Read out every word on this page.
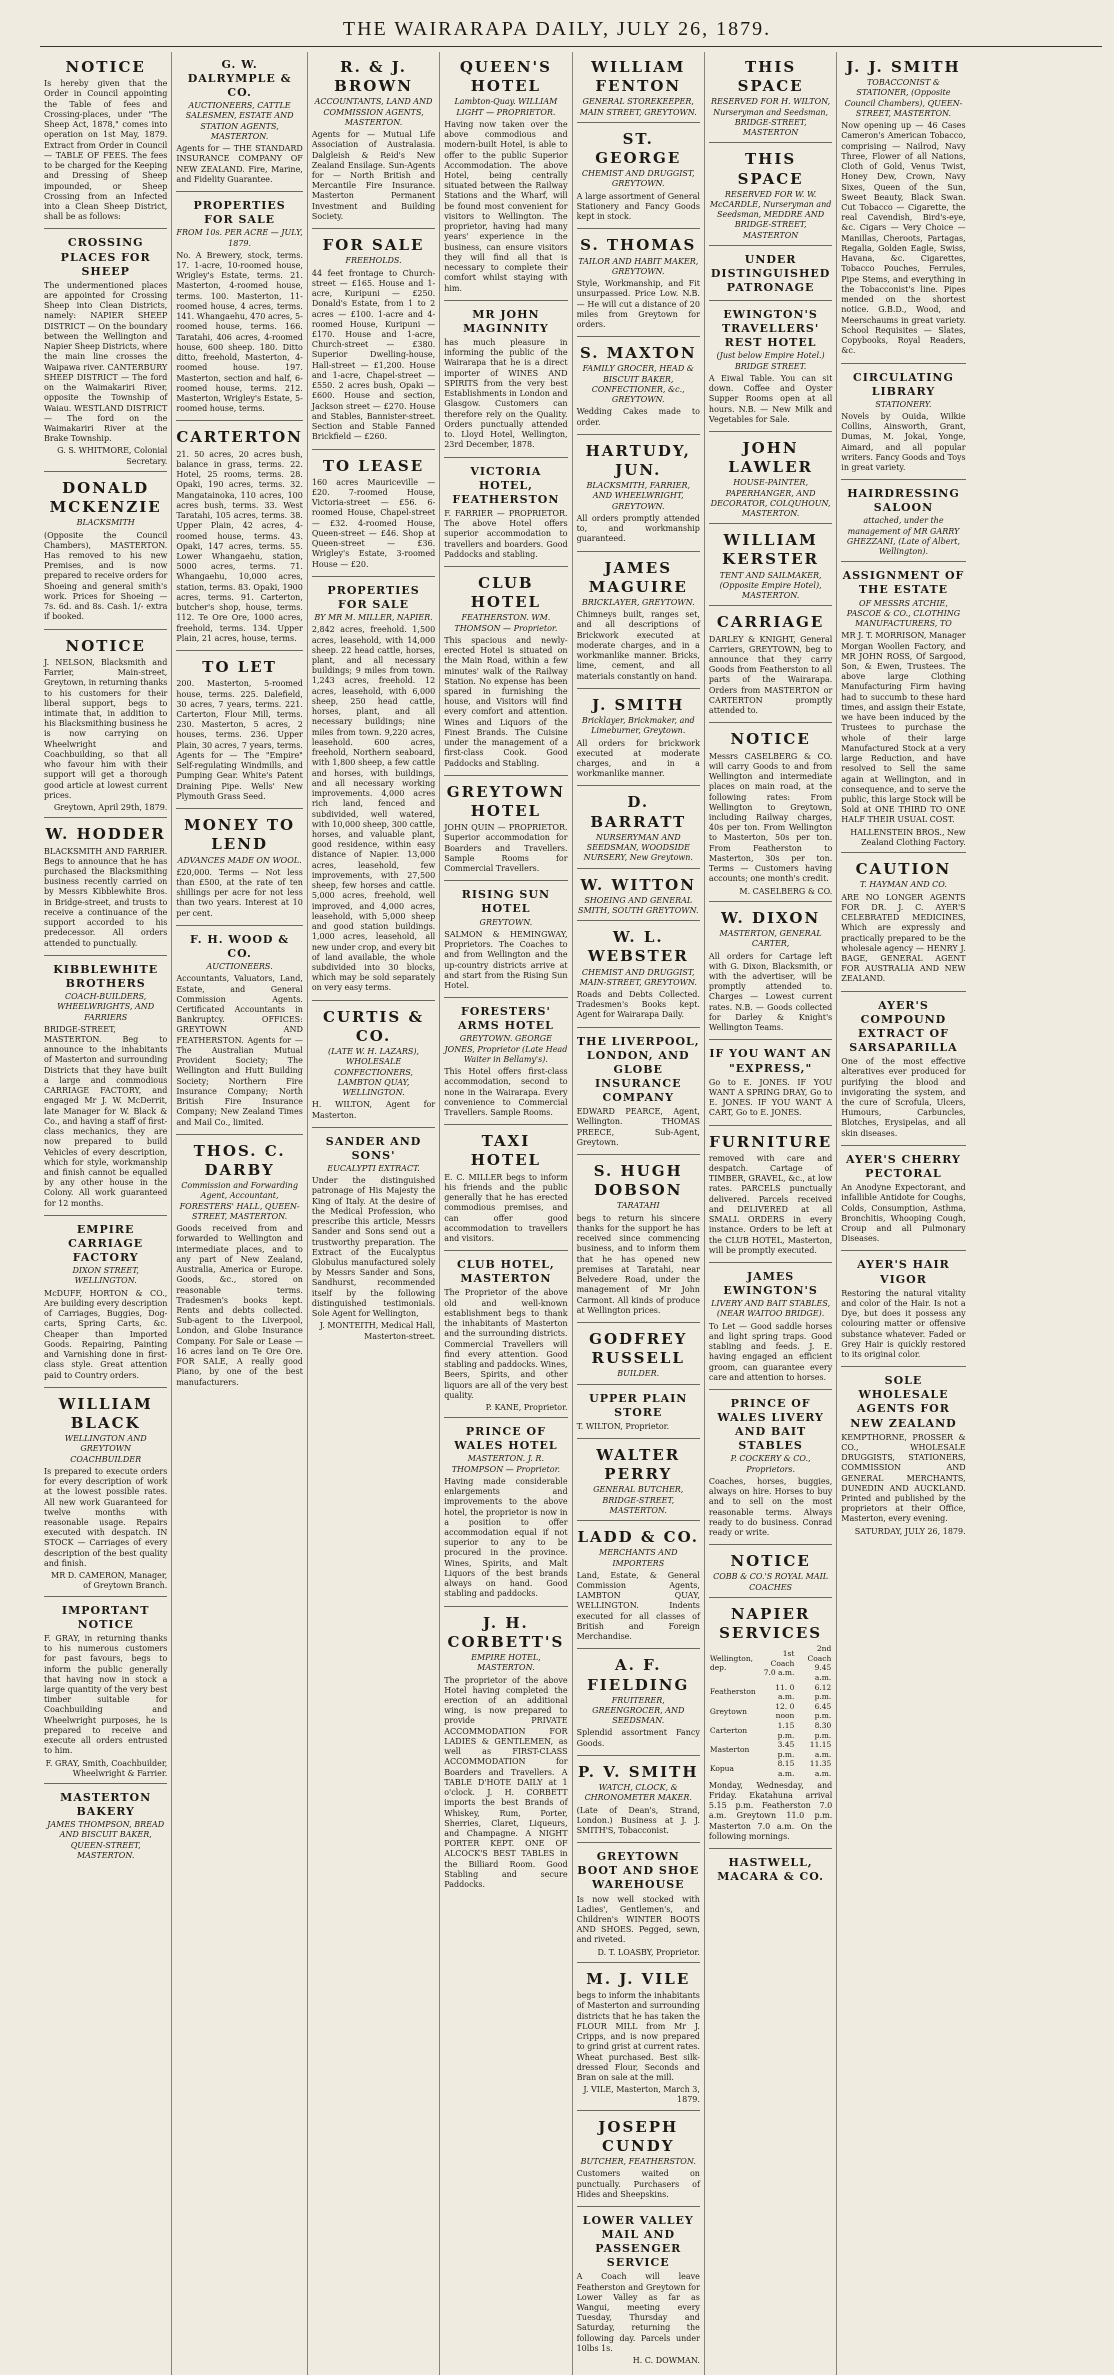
THE WAIRARAPA DAILY, JULY 26, 1879.
NOTICE
Is hereby given that the Order in Council appointing the Table of fees and Crossing-places, under "The Sheep Act, 1878," comes into operation on 1st May, 1879. Extract from Order in Council — TABLE OF FEES. The fees to be charged for the Keeping and Dressing of Sheep impounded, or Sheep Crossing from an Infected into a Clean Sheep District, shall be as follows:
CROSSING PLACES FOR SHEEP
The undermentioned places are appointed for Crossing Sheep into Clean Districts, namely: NAPIER SHEEP DISTRICT — On the boundary between the Wellington and Napier Sheep Districts, where the main line crosses the Waipawa river. CANTERBURY SHEEP DISTRICT — The ford on the Waimakariri River, opposite the Township of Waiau. WESTLAND DISTRICT — The ford on the Waimakariri River at the Brake Township.
G. S. WHITMORE, Colonial Secretary.
DONALD MCKENZIE
BLACKSMITH
(Opposite the Council Chambers), MASTERTON. Has removed to his new Premises, and is now prepared to receive orders for Shoeing and general smith's work. Prices for Shoeing — 7s. 6d. and 8s. Cash. 1/- extra if booked.
NOTICE
J. NELSON, Blacksmith and Farrier, Main-street, Greytown, in returning thanks to his customers for their liberal support, begs to intimate that, in addition to his Blacksmithing business he is now carrying on Wheelwright and Coachbuilding, so that all who favour him with their support will get a thorough good article at lowest current prices.
Greytown, April 29th, 1879.
W. HODDER
BLACKSMITH AND FARRIER. Begs to announce that he has purchased the Blacksmithing business recently carried on by Messrs Kibblewhite Bros. in Bridge-street, and trusts to receive a continuance of the support accorded to his predecessor. All orders attended to punctually.
KIBBLEWHITE BROTHERS
COACH-BUILDERS, WHEELWRIGHTS, AND FARRIERS
BRIDGE-STREET, MASTERTON. Beg to announce to the inhabitants of Masterton and surrounding Districts that they have built a large and commodious CARRIAGE FACTORY, and engaged Mr J. W. McDerrit, late Manager for W. Black & Co., and having a staff of first-class mechanics, they are now prepared to build Vehicles of every description, which for style, workmanship and finish cannot be equalled by any other house in the Colony. All work guaranteed for 12 months.
EMPIRE CARRIAGE FACTORY
DIXON STREET, WELLINGTON.
McDUFF, HORTON & CO., Are building every description of Carriages, Buggies, Dog-carts, Spring Carts, &c. Cheaper than Imported Goods. Repairing, Painting and Varnishing done in first-class style. Great attention paid to Country orders.
WILLIAM BLACK
WELLINGTON AND GREYTOWN COACHBUILDER
Is prepared to execute orders for every description of work at the lowest possible rates. All new work Guaranteed for twelve months with reasonable usage. Repairs executed with despatch. IN STOCK — Carriages of every description of the best quality and finish.
MR D. CAMERON, Manager, of Greytown Branch.
IMPORTANT NOTICE
F. GRAY, in returning thanks to his numerous customers for past favours, begs to inform the public generally that having now in stock a large quantity of the very best timber suitable for Coachbuilding and Wheelwright purposes, he is prepared to receive and execute all orders entrusted to him.
F. GRAY, Smith, Coachbuilder, Wheelwright & Farrier.
MASTERTON BAKERY
JAMES THOMPSON, BREAD AND BISCUIT BAKER, QUEEN-STREET, MASTERTON.
G. W. DALRYMPLE & CO.
AUCTIONEERS, CATTLE SALESMEN, ESTATE AND STATION AGENTS, MASTERTON.
Agents for — THE STANDARD INSURANCE COMPANY OF NEW ZEALAND. Fire, Marine, and Fidelity Guarantee.
PROPERTIES FOR SALE
FROM 10s. PER ACRE — JULY, 1879.
No. A Brewery, stock, terms. 17. 1-acre, 10-roomed house, Wrigley's Estate, terms. 21. Masterton, 4-roomed house, terms. 100. Masterton, 11-roomed house, 4 acres, terms. 141. Whangaehu, 470 acres, 5-roomed house, terms. 166. Taratahi, 406 acres, 4-roomed house, 600 sheep. 180. Ditto ditto, freehold, Masterton, 4-roomed house. 197. Masterton, section and half, 6-roomed house, terms. 212. Masterton, Wrigley's Estate, 5-roomed house, terms.
CARTERTON
21. 50 acres, 20 acres bush, balance in grass, terms. 22. Hotel, 25 rooms, terms. 28. Opaki, 190 acres, terms. 32. Mangatainoka, 110 acres, 100 acres bush, terms. 33. West Taratahi, 105 acres, terms. 38. Upper Plain, 42 acres, 4-roomed house, terms. 43. Opaki, 147 acres, terms. 55. Lower Whangaehu, station, 5000 acres, terms. 71. Whangaehu, 10,000 acres, station, terms. 83. Opaki, 1900 acres, terms. 91. Carterton, butcher's shop, house, terms. 112. Te Ore Ore, 1000 acres, freehold, terms. 134. Upper Plain, 21 acres, house, terms.
TO LET
200. Masterton, 5-roomed house, terms. 225. Dalefield, 30 acres, 7 years, terms. 221. Carterton, Flour Mill, terms. 230. Masterton, 5 acres, 2 houses, terms. 236. Upper Plain, 30 acres, 7 years, terms. Agents for — The "Empire" Self-regulating Windmills, and Pumping Gear. White's Patent Draining Pipe. Wells' New Plymouth Grass Seed.
MONEY TO LEND
ADVANCES MADE ON WOOL.
£20,000. Terms — Not less than £500, at the rate of ten shillings per acre for not less than two years. Interest at 10 per cent.
F. H. WOOD & CO.
AUCTIONEERS.
Accountants, Valuators, Land, Estate, and General Commission Agents. Certificated Accountants in Bankruptcy. OFFICES: GREYTOWN AND FEATHERSTON. Agents for — The Australian Mutual Provident Society; The Wellington and Hutt Building Society; Northern Fire Insurance Company; North British Fire Insurance Company; New Zealand Times and Mail Co., limited.
THOS. C. DARBY
Commission and Forwarding Agent, Accountant, FORESTERS' HALL, QUEEN-STREET, MASTERTON.
Goods received from and forwarded to Wellington and intermediate places, and to any part of New Zealand, Australia, America or Europe. Goods, &c., stored on reasonable terms. Tradesmen's books kept. Rents and debts collected. Sub-agent to the Liverpool, London, and Globe Insurance Company. For Sale or Lease — 16 acres land on Te Ore Ore. FOR SALE, A really good Piano, by one of the best manufacturers.
R. & J. BROWN
ACCOUNTANTS, LAND AND COMMISSION AGENTS, MASTERTON.
Agents for — Mutual Life Association of Australasia. Dalgleish & Reid's New Zealand Ensilage. Sun-Agents for — North British and Mercantile Fire Insurance. Masterton Permanent Investment and Building Society.
FOR SALE
FREEHOLDS.
44 feet frontage to Church-street — £165. House and 1-acre, Kuripuni — £250. Donald's Estate, from 1 to 2 acres — £100. 1-acre and 4-roomed House, Kuripuni — £170. House and 1-acre, Church-street — £380. Superior Dwelling-house, Hall-street — £1,200. House and 1-acre, Chapel-street — £550. 2 acres bush, Opaki — £600. House and section, Jackson street — £270. House and Stables, Bannister-street. Section and Stable Fanned Brickfield — £260.
TO LEASE
160 acres Mauriceville — £20. 7-roomed House, Victoria-street — £56. 6-roomed House, Chapel-street — £32. 4-roomed House, Queen-street — £46. Shop at Queen-street — £36. Wrigley's Estate, 3-roomed House — £20.
PROPERTIES FOR SALE
BY MR M. MILLER, NAPIER.
2,842 acres, freehold. 1,500 acres, leasehold, with 14,000 sheep. 22 head cattle, horses, plant, and all necessary buildings; 9 miles from town. 1,243 acres, freehold. 12 acres, leasehold, with 6,000 sheep, 250 head cattle, horses, plant, and all necessary buildings; nine miles from town. 9,220 acres, leasehold. 600 acres, freehold, Northern seaboard, with 1,800 sheep, a few cattle and horses, with buildings, and all necessary working improvements. 4,000 acres rich land, fenced and subdivided, well watered, with 10,000 sheep, 300 cattle, horses, and valuable plant, good residence, within easy distance of Napier. 13,000 acres, leasehold, few improvements, with 27,500 sheep, few horses and cattle. 5,000 acres, freehold, well improved, and 4,000 acres, leasehold, with 5,000 sheep and good station buildings. 1,000 acres, leasehold, all new under crop, and every bit of land available, the whole subdivided into 30 blocks, which may be sold separately on very easy terms.
CURTIS & CO.
(LATE W. H. LAZARS), WHOLESALE CONFECTIONERS, LAMBTON QUAY, WELLINGTON.
H. WILTON, Agent for Masterton.
SANDER AND SONS'
EUCALYPTI EXTRACT.
Under the distinguished patronage of His Majesty the King of Italy. At the desire of the Medical Profession, who prescribe this article, Messrs Sander and Sons send out a trustworthy preparation. The Extract of the Eucalyptus Globulus manufactured solely by Messrs Sander and Sons, Sandhurst, recommended itself by the following distinguished testimonials. Sole Agent for Wellington,
J. MONTEITH, Medical Hall, Masterton-street.
QUEEN'S HOTEL
Lambton-Quay. WILLIAM LIGHT — PROPRIETOR.
Having now taken over the above commodious and modern-built Hotel, is able to offer to the public Superior Accommodation. The above Hotel, being centrally situated between the Railway Stations and the Wharf, will be found most convenient for visitors to Wellington. The proprietor, having had many years' experience in the business, can ensure visitors they will find all that is necessary to complete their comfort whilst staying with him.
MR JOHN MAGINNITY
has much pleasure in informing the public of the Wairarapa that he is a direct importer of WINES AND SPIRITS from the very best Establishments in London and Glasgow. Customers can therefore rely on the Quality. Orders punctually attended to. Lloyd Hotel, Wellington, 23rd December, 1878.
VICTORIA HOTEL, FEATHERSTON
F. FARRIER — PROPRIETOR. The above Hotel offers superior accommodation to travellers and boarders. Good Paddocks and stabling.
CLUB HOTEL
FEATHERSTON. WM. THOMSON — Proprietor.
This spacious and newly-erected Hotel is situated on the Main Road, within a few minutes' walk of the Railway Station. No expense has been spared in furnishing the house, and Visitors will find every comfort and attention. Wines and Liquors of the Finest Brands. The Cuisine under the management of a first-class Cook. Good Paddocks and Stabling.
GREYTOWN HOTEL
JOHN QUIN — PROPRIETOR. Superior accommodation for Boarders and Travellers. Sample Rooms for Commercial Travellers.
RISING SUN HOTEL
GREYTOWN.
SALMON & HEMINGWAY, Proprietors. The Coaches to and from Wellington and the up-country districts arrive at and start from the Rising Sun Hotel.
FORESTERS' ARMS HOTEL
GREYTOWN. GEORGE JONES, Proprietor (Late Head Waiter in Bellamy's).
This Hotel offers first-class accommodation, second to none in the Wairarapa. Every convenience to Commercial Travellers. Sample Rooms.
TAXI HOTEL
E. C. MILLER begs to inform his friends and the public generally that he has erected commodious premises, and can offer good accommodation to travellers and visitors.
CLUB HOTEL, MASTERTON
The Proprietor of the above old and well-known establishment begs to thank the inhabitants of Masterton and the surrounding districts. Commercial Travellers will find every attention. Good stabling and paddocks. Wines, Beers, Spirits, and other liquors are all of the very best quality.
P. KANE, Proprietor.
PRINCE OF WALES HOTEL
MASTERTON. J. R. THOMPSON — Proprietor.
Having made considerable enlargements and improvements to the above hotel, the proprietor is now in a position to offer accommodation equal if not superior to any to be procured in the province. Wines, Spirits, and Malt Liquors of the best brands always on hand. Good stabling and paddocks.
J. H. CORBETT'S
EMPIRE HOTEL, MASTERTON.
The proprietor of the above Hotel having completed the erection of an additional wing, is now prepared to provide PRIVATE ACCOMMODATION FOR LADIES & GENTLEMEN, as well as FIRST-CLASS ACCOMMODATION for Boarders and Travellers. A TABLE D'HOTE DAILY at 1 o'clock. J. H. CORBETT imports the best Brands of Whiskey, Rum, Porter, Sherries, Claret, Liqueurs, and Champagne. A NIGHT PORTER KEPT. ONE OF ALCOCK'S BEST TABLES in the Billiard Room. Good Stabling and secure Paddocks.
WILLIAM FENTON
GENERAL STOREKEEPER, MAIN STREET, GREYTOWN.
ST. GEORGE
CHEMIST AND DRUGGIST, GREYTOWN.
A large assortment of General Stationery and Fancy Goods kept in stock.
S. THOMAS
TAILOR AND HABIT MAKER, GREYTOWN.
Style, Workmanship, and Fit unsurpassed. Price Low. N.B. — He will cut a distance of 20 miles from Greytown for orders.
S. MAXTON
FAMILY GROCER, HEAD & BISCUIT BAKER, CONFECTIONER, &c., GREYTOWN.
Wedding Cakes made to order.
HARTUDY, JUN.
BLACKSMITH, FARRIER, AND WHEELWRIGHT, GREYTOWN.
All orders promptly attended to, and workmanship guaranteed.
JAMES MAGUIRE
BRICKLAYER, GREYTOWN.
Chimneys built, ranges set, and all descriptions of Brickwork executed at moderate charges, and in a workmanlike manner. Bricks, lime, cement, and all materials constantly on hand.
J. SMITH
Bricklayer, Brickmaker, and Limeburner, Greytown.
All orders for brickwork executed at moderate charges, and in a workmanlike manner.
D. BARRATT
NURSERYMAN AND SEEDSMAN, WOODSIDE NURSERY, New Greytown.
W. WITTON
SHOEING AND GENERAL SMITH, SOUTH GREYTOWN.
W. L. WEBSTER
CHEMIST AND DRUGGIST, MAIN-STREET, GREYTOWN.
Roads and Debts Collected. Tradesmen's Books kept. Agent for Wairarapa Daily.
THE LIVERPOOL, LONDON, AND GLOBE INSURANCE COMPANY
EDWARD PEARCE, Agent, Wellington. THOMAS PREECE, Sub-Agent, Greytown.
S. HUGH DOBSON
TARATAHI
begs to return his sincere thanks for the support he has received since commencing business, and to inform them that he has opened new premises at Taratahi, near Belvedere Road, under the management of Mr John Carmont. All kinds of produce at Wellington prices.
GODFREY RUSSELL
BUILDER.
UPPER PLAIN STORE
T. WILTON, Proprietor.
WALTER PERRY
GENERAL BUTCHER, BRIDGE-STREET, MASTERTON.
LADD & CO.
MERCHANTS AND IMPORTERS
Land, Estate, & General Commission Agents, LAMBTON QUAY, WELLINGTON. Indents executed for all classes of British and Foreign Merchandise.
A. F. FIELDING
FRUITERER, GREENGROCER, AND SEEDSMAN.
Splendid assortment Fancy Goods.
P. V. SMITH
WATCH, CLOCK, & CHRONOMETER MAKER.
(Late of Dean's, Strand, London.) Business at J. J. SMITH'S, Tobacconist.
GREYTOWN BOOT AND SHOE WAREHOUSE
Is now well stocked with Ladies', Gentlemen's, and Children's WINTER BOOTS AND SHOES. Pegged, sewn, and riveted.
D. T. LOASBY, Proprietor.
M. J. VILE
begs to inform the inhabitants of Masterton and surrounding districts that he has taken the FLOUR MILL from Mr J. Cripps, and is now prepared to grind grist at current rates. Wheat purchased. Best silk-dressed Flour, Seconds and Bran on sale at the mill.
J. VILE, Masterton, March 3, 1879.
JOSEPH CUNDY
BUTCHER, FEATHERSTON.
Customers waited on punctually. Purchasers of Hides and Sheepskins.
LOWER VALLEY MAIL AND PASSENGER SERVICE
A Coach will leave Featherston and Greytown for Lower Valley as far as Wangui, meeting every Tuesday, Thursday and Saturday, returning the following day. Parcels under 10lbs 1s.
H. C. DOWMAN.
THIS SPACE
RESERVED FOR H. WILTON, Nurseryman and Seedsman, BRIDGE-STREET, MASTERTON
THIS SPACE
RESERVED FOR W. W. McCARDLE, Nurseryman and Seedsman, MEDDRE AND BRIDGE-STREET, MASTERTON
UNDER DISTINGUISHED PATRONAGE
EWINGTON'S TRAVELLERS' REST HOTEL
(Just below Empire Hotel.) BRIDGE STREET.
A Eiwal Table. You can sit down. Coffee and Oyster Supper Rooms open at all hours. N.B. — New Milk and Vegetables for Sale.
JOHN LAWLER
HOUSE-PAINTER, PAPERHANGER, AND DECORATOR, COLQUHOUN, MASTERTON.
WILLIAM KERSTER
TENT AND SAILMAKER, (Opposite Empire Hotel), MASTERTON.
CARRIAGE
DARLEY & KNIGHT, General Carriers, GREYTOWN, beg to announce that they carry Goods from Featherston to all parts of the Wairarapa. Orders from MASTERTON or CARTERTON promptly attended to.
NOTICE
Messrs CASELBERG & CO. will carry Goods to and from Wellington and intermediate places on main road, at the following rates: From Wellington to Greytown, including Railway charges, 40s per ton. From Wellington to Masterton, 50s per ton. From Featherston to Masterton, 30s per ton. Terms — Customers having accounts; one month's credit.
M. CASELBERG & CO.
W. DIXON
MASTERTON, GENERAL CARTER,
All orders for Cartage left with G. Dixon, Blacksmith, or with the advertiser, will be promptly attended to. Charges — Lowest current rates. N.B. — Goods collected for Darley & Knight's Wellington Teams.
IF YOU WANT AN "EXPRESS,"
Go to E. JONES. IF YOU WANT A SPRING DRAY, Go to E. JONES. IF YOU WANT A CART, Go to E. JONES.
FURNITURE
removed with care and despatch. Cartage of TIMBER, GRAVEL, &c., at low rates. PARCELS punctually delivered. Parcels received and DELIVERED at all SMALL ORDERS in every instance. Orders to be left at the CLUB HOTEL, Masterton, will be promptly executed.
JAMES EWINGTON'S
LIVERY AND BAIT STABLES, (NEAR WAITOO BRIDGE).
To Let — Good saddle horses and light spring traps. Good stabling and feeds. J. E. having engaged an efficient groom, can guarantee every care and attention to horses.
PRINCE OF WALES LIVERY AND BAIT STABLES
P. COCKERY & CO., Proprietors.
Coaches, horses, buggies, always on hire. Horses to buy and to sell on the most reasonable terms. Always ready to do business. Conrad ready or write.
NOTICE
COBB & CO.'S ROYAL MAIL COACHES
NAPIER SERVICES
Wellington, dep.	1st Coach 7.0 a.m.	2nd Coach 9.45 a.m.
Featherston	11. 0 a.m.	6.12 p.m.
Greytown	12. 0 noon	6.45 p.m.
Carterton	1.15 p.m.	8.30 p.m.
Masterton	3.45 p.m.	11.15 a.m.
Kopua	8.15 a.m.	11.35 a.m.
Monday, Wednesday, and Friday. Ekatahuna arrival 5.15 p.m. Featherston 7.0 a.m. Greytown 11.0 p.m. Masterton 7.0 a.m. On the following mornings.
HASTWELL, MACARA & CO.
J. J. SMITH
TOBACCONIST & STATIONER, (Opposite Council Chambers), QUEEN-STREET, MASTERTON.
Now opening up — 46 Cases Cameron's American Tobacco, comprising — Nailrod, Navy Three, Flower of all Nations, Cloth of Gold, Venus Twist, Honey Dew, Crown, Navy Sixes, Queen of the Sun, Sweet Beauty, Black Swan. Cut Tobacco — Cigarette, the real Cavendish, Bird's-eye, &c. Cigars — Very Choice — Manillas, Cheroots, Partagas, Regalia, Golden Eagle, Swiss, Havana, &c. Cigarettes, Tobacco Pouches, Ferrules, Pipe Stems, and everything in the Tobacconist's line. Pipes mended on the shortest notice. G.B.D., Wood, and Meerschaums in great variety. School Requisites — Slates, Copybooks, Royal Readers, &c.
CIRCULATING LIBRARY
STATIONERY.
Novels by Ouida, Wilkie Collins, Ainsworth, Grant, Dumas, M. Jokai, Yonge, Aimard, and all popular writers. Fancy Goods and Toys in great variety.
HAIRDRESSING SALOON
attached, under the management of MR GARRY GHEZZANI, (Late of Albert, Wellington).
ASSIGNMENT OF THE ESTATE
OF MESSRS ATCHIE, PASCOE & CO., CLOTHING MANUFACTURERS, TO
MR J. T. MORRISON, Manager Morgan Woollen Factory, and MR JOHN ROSS, Of Sargood, Son, & Ewen, Trustees. The above large Clothing Manufacturing Firm having had to succumb to these hard times, and assign their Estate, we have been induced by the Trustees to purchase the whole of their large Manufactured Stock at a very large Reduction, and have resolved to Sell the same again at Wellington, and in consequence, and to serve the public, this large Stock will be Sold at ONE THIRD TO ONE HALF THEIR USUAL COST.
HALLENSTEIN BROS., New Zealand Clothing Factory.
CAUTION
T. HAYMAN AND CO.
ARE NO LONGER AGENTS FOR DR. J. C. AYER'S CELEBRATED MEDICINES, Which are expressly and practically prepared to be the wholesale agency — HENRY J. BAGE, GENERAL AGENT FOR AUSTRALIA AND NEW ZEALAND.
AYER'S COMPOUND EXTRACT OF SARSAPARILLA
One of the most effective alteratives ever produced for purifying the blood and invigorating the system, and the cure of Scrofula, Ulcers, Humours, Carbuncles, Blotches, Erysipelas, and all skin diseases.
AYER'S CHERRY PECTORAL
An Anodyne Expectorant, and infallible Antidote for Coughs, Colds, Consumption, Asthma, Bronchitis, Whooping Cough, Croup and all Pulmonary Diseases.
AYER'S HAIR VIGOR
Restoring the natural vitality and color of the Hair. Is not a Dye, but does it possess any colouring matter or offensive substance whatever. Faded or Grey Hair is quickly restored to its original color.
SOLE WHOLESALE AGENTS FOR NEW ZEALAND
KEMPTHORNE, PROSSER & CO., WHOLESALE DRUGGISTS, STATIONERS, COMMISSION AND GENERAL MERCHANTS, DUNEDIN AND AUCKLAND. Printed and published by the proprietors at their Office, Masterton, every evening.
SATURDAY, JULY 26, 1879.
